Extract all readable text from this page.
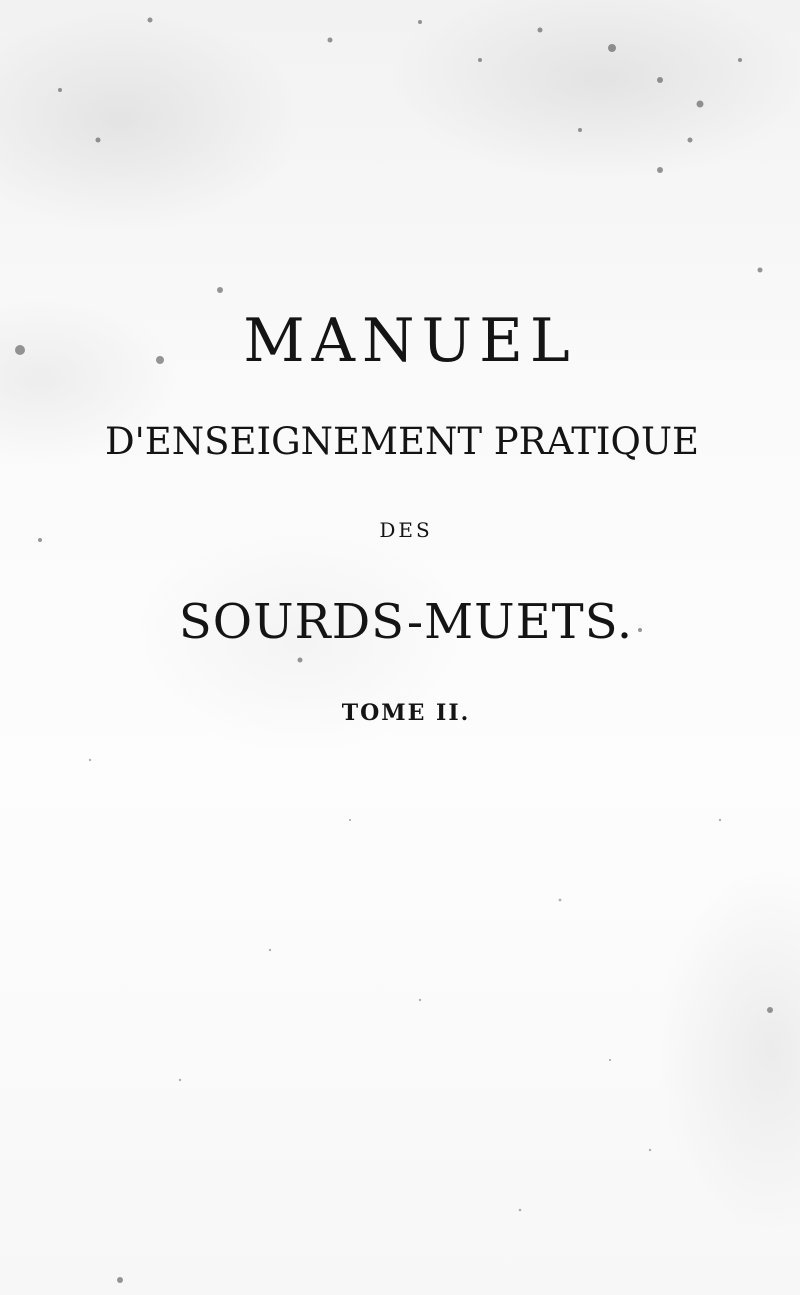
MANUEL
D'ENSEIGNEMENT PRATIQUE
DES
SOURDS-MUETS.
TOME II.
